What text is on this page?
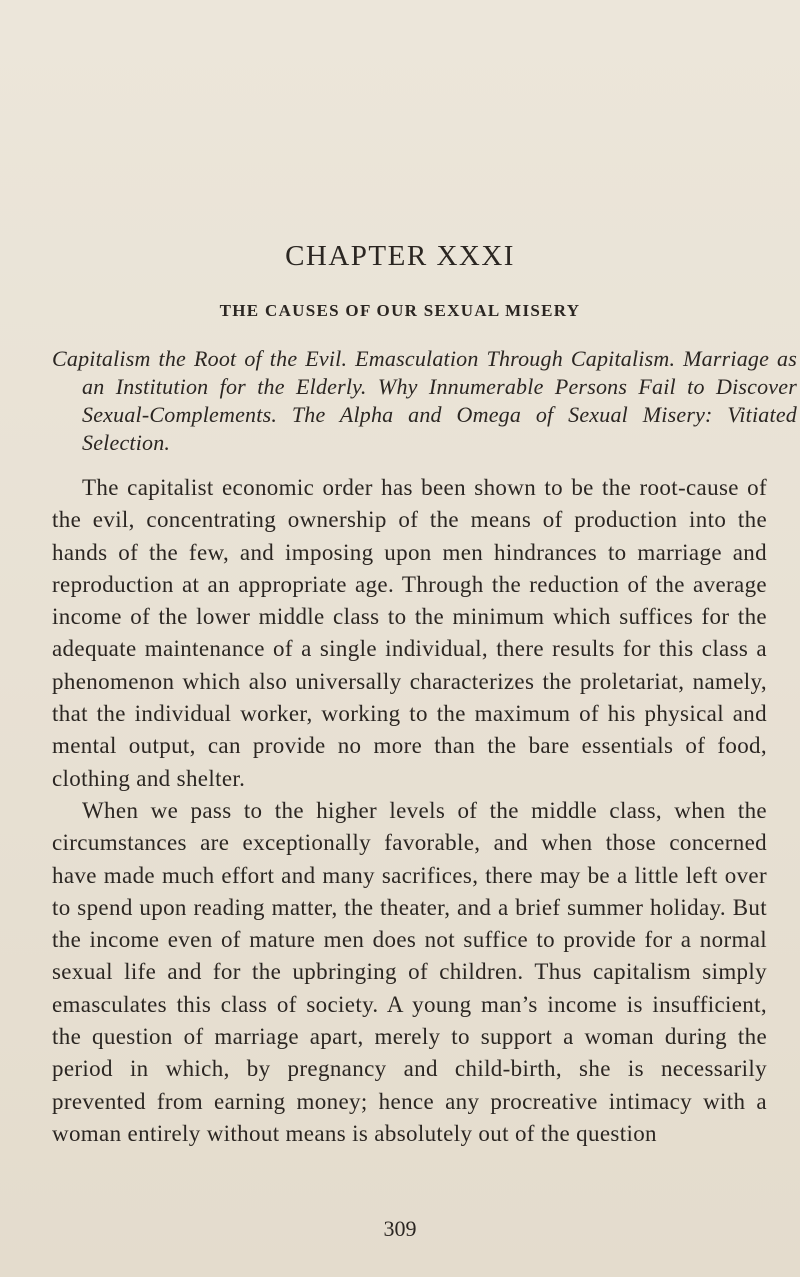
CHAPTER XXXI
THE CAUSES OF OUR SEXUAL MISERY

Capitalism the Root of the Evil. Emasculation Through Capitalism. Marriage as an Institution for the Elderly. Why Innumerable Persons Fail to Discover Sexual-Complements. The Alpha and Omega of Sexual Misery: Vitiated Selection.

The capitalist economic order has been shown to be the root-cause of the evil, concentrating ownership of the means of production into the hands of the few, and imposing upon men hindrances to marriage and reproduction at an appropriate age. Through the reduction of the average income of the lower middle class to the minimum which suffices for the adequate maintenance of a single individual, there results for this class a phenomenon which also universally characterizes the proletariat, namely, that the individual worker, working to the maximum of his physical and mental output, can provide no more than the bare essentials of food, clothing and shelter.

When we pass to the higher levels of the middle class, when the circumstances are exceptionally favorable, and when those concerned have made much effort and many sacrifices, there may be a little left over to spend upon reading matter, the theater, and a brief summer holiday. But the income even of mature men does not suffice to provide for a normal sexual life and for the upbringing of children. Thus capitalism simply emasculates this class of society. A young man’s income is insufficient, the question of marriage apart, merely to support a woman during the period in which, by pregnancy and child-birth, she is necessarily prevented from earning money; hence any procreative intimacy with a woman entirely without means is absolutely out of the question

309
